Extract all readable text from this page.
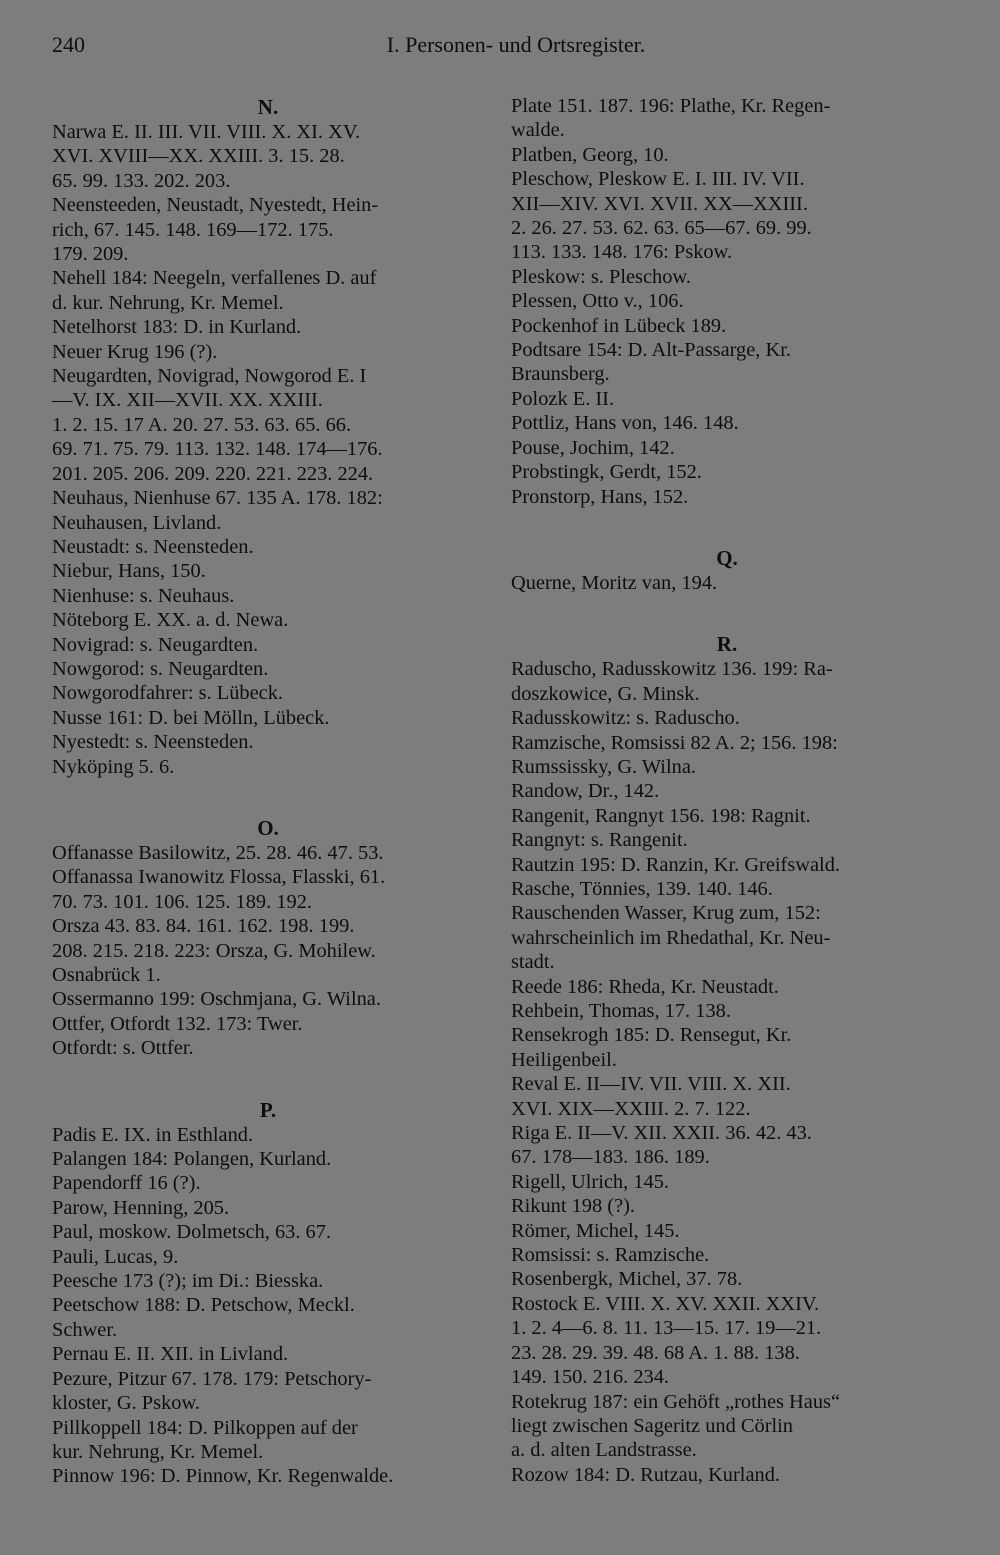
240	I. Personen- und Ortsregister.
N.
Narwa E. II. III. VII. VIII. X. XI. XV.
XVI. XVIII—XX. XXIII. 3. 15. 28.
65. 99. 133. 202. 203.
Neensteeden, Neustadt, Nyestedt, Hein-
rich, 67. 145. 148. 169—172. 175.
179. 209.
Nehell 184: Neegeln, verfallenes D. auf
d. kur. Nehrung, Kr. Memel.
Netelhorst 183: D. in Kurland.
Neuer Krug 196 (?).
Neugardten, Novigrad, Nowgorod E. I
—V. IX. XII—XVII. XX. XXIII.
1. 2. 15. 17 A. 20. 27. 53. 63. 65. 66.
69. 71. 75. 79. 113. 132. 148. 174—176.
201. 205. 206. 209. 220. 221. 223. 224.
Neuhaus, Nienhuse 67. 135 A. 178. 182:
Neuhausen, Livland.
Neustadt: s. Neensteden.
Niebur, Hans, 150.
Nienhuse: s. Neuhaus.
Nöteborg E. XX. a. d. Newa.
Novigrad: s. Neugardten.
Nowgorod: s. Neugardten.
Nowgorodfahrer: s. Lübeck.
Nusse 161: D. bei Mölln, Lübeck.
Nyestedt: s. Neensteden.
Nyköping 5. 6.
O.
Offanasse Basilowitz, 25. 28. 46. 47. 53.
Offanassa Iwanowitz Flossa, Flasski, 61.
70. 73. 101. 106. 125. 189. 192.
Orsza 43. 83. 84. 161. 162. 198. 199.
208. 215. 218. 223: Orsza, G. Mohilew.
Osnabrück 1.
Ossermanno 199: Oschmjana, G. Wilna.
Ottfer, Otfordt 132. 173: Twer.
Otfordt: s. Ottfer.
P.
Padis E. IX. in Esthland.
Palangen 184: Polangen, Kurland.
Papendorff 16 (?).
Parow, Henning, 205.
Paul, moskow. Dolmetsch, 63. 67.
Pauli, Lucas, 9.
Peesche 173 (?); im Di.: Biesska.
Peetschow 188: D. Petschow, Meckl.
Schwer.
Pernau E. II. XII. in Livland.
Pezure, Pitzur 67. 178. 179: Petschory-
kloster, G. Pskow.
Pillkoppell 184: D. Pilkoppen auf der
kur. Nehrung, Kr. Memel.
Pinnow 196: D. Pinnow, Kr. Regenwalde.
Plate 151. 187. 196: Plathe, Kr. Regen-
walde.
Platben, Georg, 10.
Pleschow, Pleskow E. I. III. IV. VII.
XII—XIV. XVI. XVII. XX—XXIII.
2. 26. 27. 53. 62. 63. 65—67. 69. 99.
113. 133. 148. 176: Pskow.
Pleskow: s. Pleschow.
Plessen, Otto v., 106.
Pockenhof in Lübeck 189.
Podtsare 154: D. Alt-Passarge, Kr.
Braunsberg.
Polozk E. II.
Pottliz, Hans von, 146. 148.
Pouse, Jochim, 142.
Probstingk, Gerdt, 152.
Pronstorp, Hans, 152.
Q.
Querne, Moritz van, 194.
R.
Raduscho, Radusskowitz 136. 199: Ra-
doszkowice, G. Minsk.
Radusskowitz: s. Raduscho.
Ramzische, Romsissi 82 A. 2; 156. 198:
Rumssissky, G. Wilna.
Randow, Dr., 142.
Rangenit, Rangnyt 156. 198: Ragnit.
Rangnyt: s. Rangenit.
Rautzin 195: D. Ranzin, Kr. Greifswald.
Rasche, Tönnies, 139. 140. 146.
Rauschenden Wasser, Krug zum, 152:
wahrscheinlich im Rhedathal, Kr. Neu-
stadt.
Reede 186: Rheda, Kr. Neustadt.
Rehbein, Thomas, 17. 138.
Rensekrogh 185: D. Rensegut, Kr.
Heiligenbeil.
Reval E. II—IV. VII. VIII. X. XII.
XVI. XIX—XXIII. 2. 7. 122.
Riga E. II—V. XII. XXII. 36. 42. 43.
67. 178—183. 186. 189.
Rigell, Ulrich, 145.
Rikunt 198 (?).
Römer, Michel, 145.
Romsissi: s. Ramzische.
Rosenbergk, Michel, 37. 78.
Rostock E. VIII. X. XV. XXII. XXIV.
1. 2. 4—6. 8. 11. 13—15. 17. 19—21.
23. 28. 29. 39. 48. 68 A. 1. 88. 138.
149. 150. 216. 234.
Rotekrug 187: ein Gehöft „rothes Haus“
liegt zwischen Sageritz und Cörlin
a. d. alten Landstrasse.
Rozow 184: D. Rutzau, Kurland.
